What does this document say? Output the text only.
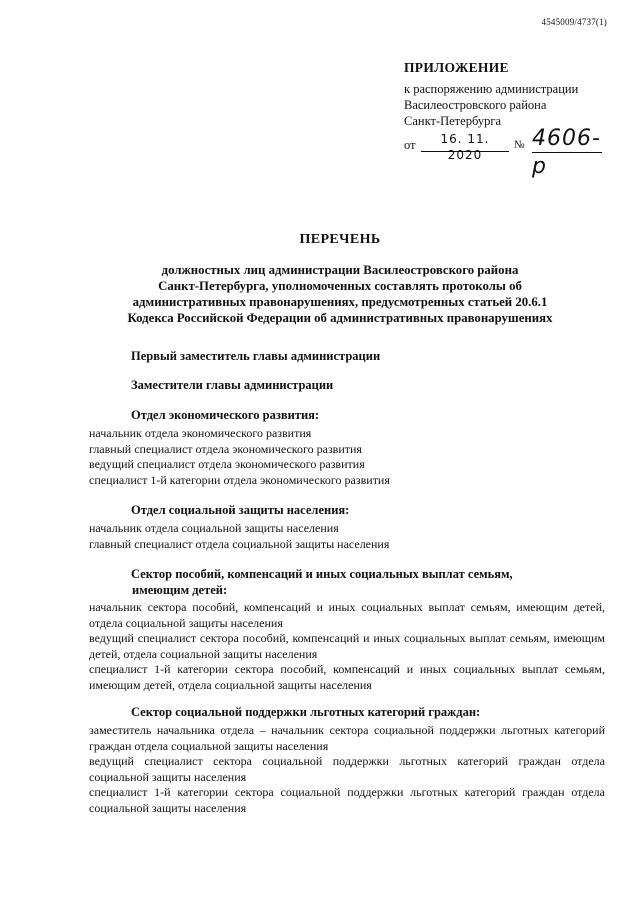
4545009/4737(1)
ПРИЛОЖЕНИЕ
к распоряжению администрации
Василеостровского района
Санкт-Петербурга
от	16. 11. 2020
№ 4606-р
ПЕРЕЧЕНЬ
должностных лиц администрации Василеостровского района
Санкт-Петербурга, уполномоченных составлять протоколы об
административных правонарушениях, предусмотренных статьей 20.6.1
Кодекса Российской Федерации об административных правонарушениях
Первый заместитель главы администрации
Заместители главы администрации
Отдел экономического развития:
начальник отдела экономического развития
главный специалист отдела экономического развития
ведущий специалист отдела экономического развития
специалист 1-й категории отдела экономического развития
Отдел социальной защиты населения:
начальник отдела социальной защиты населения
главный специалист отдела социальной защиты населения
Сектор пособий, компенсаций и иных социальных выплат семьям,
имеющим детей:
начальник сектора пособий, компенсаций и иных социальных выплат семьям, имеющим детей, отдела социальной защиты населения
ведущий специалист сектора пособий, компенсаций и иных социальных выплат семьям, имеющим детей, отдела социальной защиты населения
специалист 1-й категории сектора пособий, компенсаций и иных социальных выплат семьям, имеющим детей, отдела социальной защиты населения
Сектор социальной поддержки льготных категорий граждан:
заместитель начальника отдела – начальник сектора социальной поддержки льготных категорий граждан отдела социальной защиты населения
ведущий специалист сектора социальной поддержки льготных категорий граждан отдела социальной защиты населения
специалист 1-й категории сектора социальной поддержки льготных категорий граждан отдела социальной защиты населения
